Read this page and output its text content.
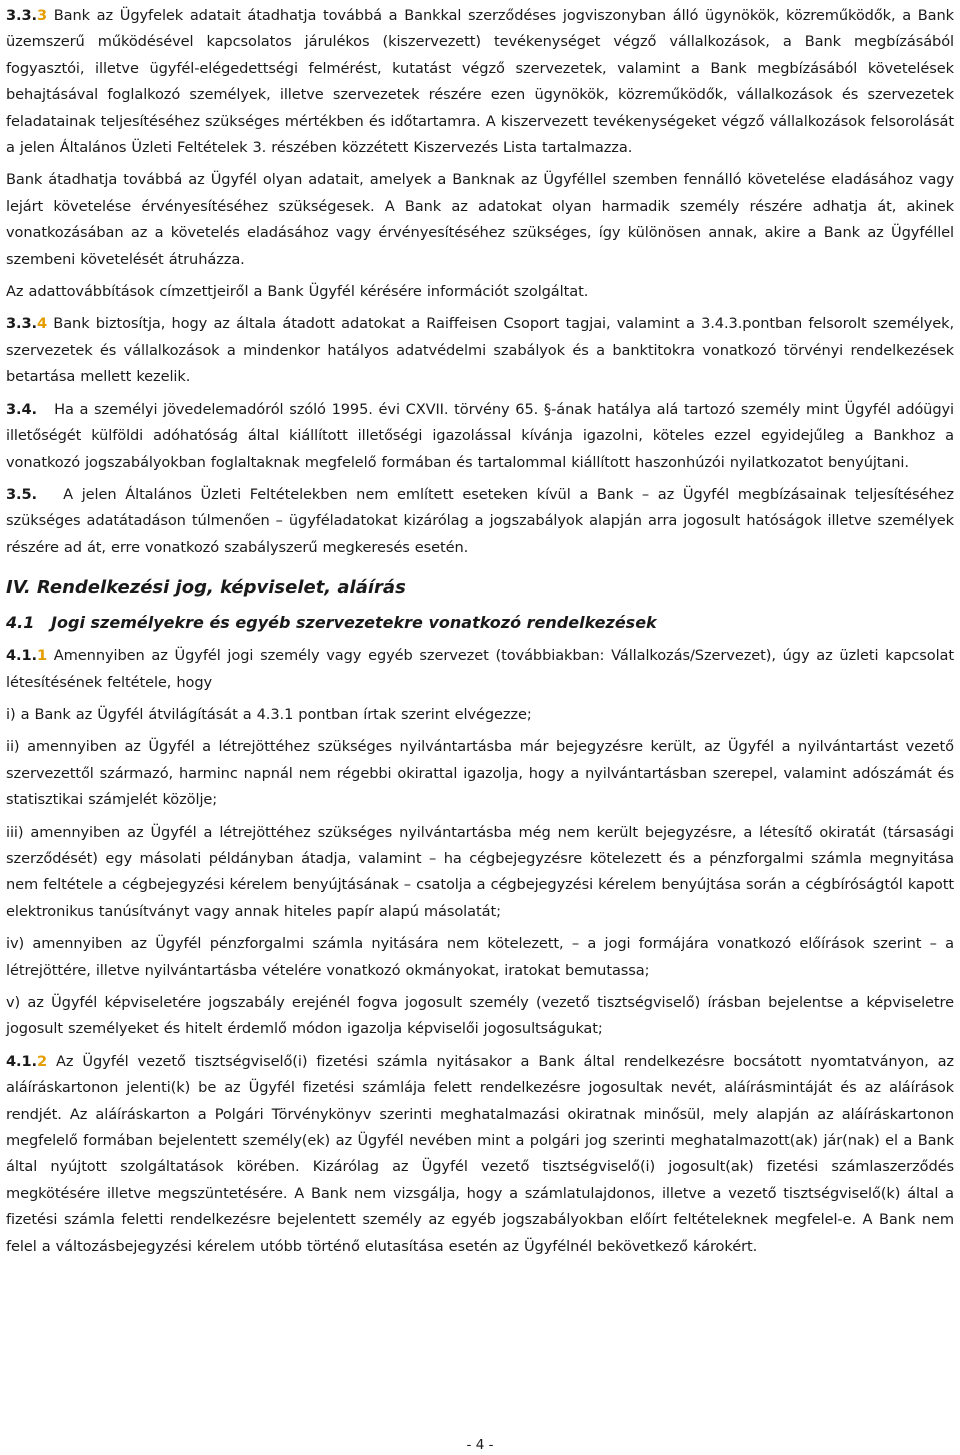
3.3.3 Bank az Ügyfelek adatait átadhatja továbbá a Bankkal szerződéses jogviszonyban álló ügynökök, közreműködők, a Bank üzemszerű működésével kapcsolatos járulékos (kiszervezett) tevékenységet végző vállalkozások, a Bank megbízásából fogyasztói, illetve ügyfél-elégedettségi felmérést, kutatást végző szervezetek, valamint a Bank megbízásából követelések behajtásával foglalkozó személyek, illetve szervezetek részére ezen ügynökök, közreműködők, vállalkozások és szervezetek feladatainak teljesítéséhez szükséges mértékben és időtartamra. A kiszervezett tevékenységeket végző vállalkozások felsorolását a jelen Általános Üzleti Feltételek 3. részében közzétett Kiszervezés Lista tartalmazza.

Bank átadhatja továbbá az Ügyfél olyan adatait, amelyek a Banknak az Ügyféllel szemben fennálló követelése eladásához vagy lejárt követelése érvényesítéséhez szükségesek. A Bank az adatokat olyan harmadik személy részére adhatja át, akinek vonatkozásában az a követelés eladásához vagy érvényesítéséhez szükséges, így különösen annak, akire a Bank az Ügyféllel szembeni követelését átruházza.

Az adattovábbítások címzettjeiről a Bank Ügyfél kérésére információt szolgáltat.

3.3.4 Bank biztosítja, hogy az általa átadott adatokat a Raiffeisen Csoport tagjai, valamint a 3.4.3.pontban felsorolt személyek, szervezetek és vállalkozások a mindenkor hatályos adatvédelmi szabályok és a banktitokra vonatkozó törvényi rendelkezések betartása mellett kezelik.

3.4.   Ha a személyi jövedelemadóról szóló 1995. évi CXVII. törvény 65. §-ának hatálya alá tartozó személy mint Ügyfél adóügyi illetőségét külföldi adóhatóság által kiállított illetőségi igazolással kívánja igazolni, köteles ezzel egyidejűleg a Bankhoz a vonatkozó jogszabályokban foglaltaknak megfelelő formában és tartalommal kiállított haszonhúzói nyilatkozatot benyújtani.

3.5.   A jelen Általános Üzleti Feltételekben nem említett eseteken kívül a Bank – az Ügyfél megbízásainak teljesítéséhez szükséges adatátadáson túlmenően – ügyféladatokat kizárólag a jogszabályok alapján arra jogosult hatóságok illetve személyek részére ad át, erre vonatkozó szabályszerű megkeresés esetén.

IV. Rendelkezési jog, képviselet, aláírás
4.1   Jogi személyekre és egyéb szervezetekre vonatkozó rendelkezések

4.1.1 Amennyiben az Ügyfél jogi személy vagy egyéb szervezet (továbbiakban: Vállalkozás/Szervezet), úgy az üzleti kapcsolat létesítésének feltétele, hogy

i) a Bank az Ügyfél átvilágítását a 4.3.1 pontban írtak szerint elvégezze;

ii) amennyiben az Ügyfél a létrejöttéhez szükséges nyilvántartásba már bejegyzésre került, az Ügyfél a nyilvántartást vezető szervezettől származó, harminc napnál nem régebbi okirattal igazolja, hogy a nyilvántartásban szerepel, valamint adószámát és statisztikai számjelét közölje;

iii) amennyiben az Ügyfél a létrejöttéhez szükséges nyilvántartásba még nem került bejegyzésre, a létesítő okiratát (társasági szerződését) egy másolati példányban átadja, valamint – ha cégbejegyzésre kötelezett és a pénzforgalmi számla megnyitása nem feltétele a cégbejegyzési kérelem benyújtásának – csatolja a cégbejegyzési kérelem benyújtása során a cégbíróságtól kapott elektronikus tanúsítványt vagy annak hiteles papír alapú másolatát;

iv) amennyiben az Ügyfél pénzforgalmi számla nyitására nem kötelezett, – a jogi formájára vonatkozó előírások szerint – a létrejöttére, illetve nyilvántartásba vételére vonatkozó okmányokat, iratokat bemutassa;

v) az Ügyfél képviseletére jogszabály erejénél fogva jogosult személy (vezető tisztségviselő) írásban bejelentse a képviseletre jogosult személyeket és hitelt érdemlő módon igazolja képviselői jogosultságukat;

4.1.2 Az Ügyfél vezető tisztségviselő(i) fizetési számla nyitásakor a Bank által rendelkezésre bocsátott nyomtatványon, az aláíráskartonon jelenti(k) be az Ügyfél fizetési számlája felett rendelkezésre jogosultak nevét, aláírásmintáját és az aláírások rendjét. Az aláíráskarton a Polgári Törvénykönyv szerinti meghatalmazási okiratnak minősül, mely alapján az aláíráskartonon megfelelő formában bejelentett személy(ek) az Ügyfél nevében mint a polgári jog szerinti meghatalmazott(ak) jár(nak) el a Bank által nyújtott szolgáltatások körében. Kizárólag az Ügyfél vezető tisztségviselő(i) jogosult(ak) fizetési számlaszerződés megkötésére illetve megszüntetésére. A Bank nem vizsgálja, hogy a számlatulajdonos, illetve a vezető tisztségviselő(k) által a fizetési számla feletti rendelkezésre bejelentett személy az egyéb jogszabályokban előírt feltételeknek megfelel-e. A Bank nem felel a változásbejegyzési kérelem utóbb történő elutasítása esetén az Ügyfélnél bekövetkező károkért.

- 4 -
